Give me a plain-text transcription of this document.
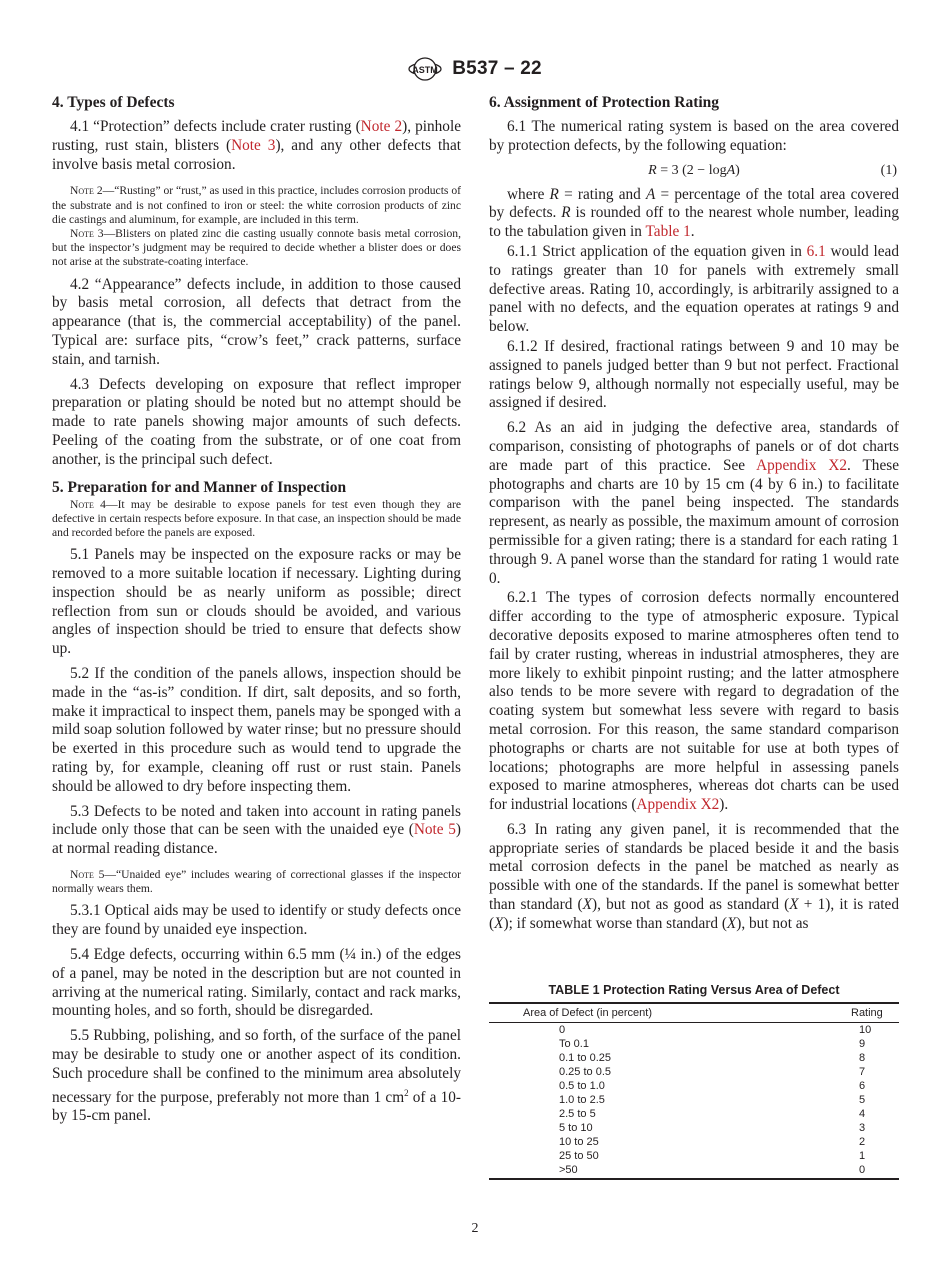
ASTM B537 – 22
4. Types of Defects

4.1 “Protection” defects include crater rusting (Note 2), pinhole rusting, rust stain, blisters (Note 3), and any other defects that involve basis metal corrosion.

Note 2—“Rusting” or “rust,” as used in this practice, includes corrosion products of the substrate and is not confined to iron or steel: the white corrosion products of zinc die castings and aluminum, for example, are included in this term.

Note 3—Blisters on plated zinc die casting usually connote basis metal corrosion, but the inspector’s judgment may be required to decide whether a blister does or does not arise at the substrate-coating interface.

4.2 “Appearance” defects include, in addition to those caused by basis metal corrosion, all defects that detract from the appearance (that is, the commercial acceptability) of the panel. Typical are: surface pits, “crow’s feet,” crack patterns, surface stain, and tarnish.

4.3 Defects developing on exposure that reflect improper preparation or plating should be noted but no attempt should be made to rate panels showing major amounts of such defects. Peeling of the coating from the substrate, or of one coat from another, is the principal such defect.

5. Preparation for and Manner of Inspection

Note 4—It may be desirable to expose panels for test even though they are defective in certain respects before exposure. In that case, an inspection should be made and recorded before the panels are exposed.

5.1 Panels may be inspected on the exposure racks or may be removed to a more suitable location if necessary. Lighting during inspection should be as nearly uniform as possible; direct reflection from sun or clouds should be avoided, and various angles of inspection should be tried to ensure that defects show up.

5.2 If the condition of the panels allows, inspection should be made in the “as-is” condition. If dirt, salt deposits, and so forth, make it impractical to inspect them, panels may be sponged with a mild soap solution followed by water rinse; but no pressure should be exerted in this procedure such as would tend to upgrade the rating by, for example, cleaning off rust or rust stain. Panels should be allowed to dry before inspecting them.

5.3 Defects to be noted and taken into account in rating panels include only those that can be seen with the unaided eye (Note 5) at normal reading distance.

Note 5—“Unaided eye” includes wearing of correctional glasses if the inspector normally wears them.

5.3.1 Optical aids may be used to identify or study defects once they are found by unaided eye inspection.

5.4 Edge defects, occurring within 6.5 mm (¼ in.) of the edges of a panel, may be noted in the description but are not counted in arriving at the numerical rating. Similarly, contact and rack marks, mounting holes, and so forth, should be disregarded.

5.5 Rubbing, polishing, and so forth, of the surface of the panel may be desirable to study one or another aspect of its condition. Such procedure shall be confined to the minimum area absolutely necessary for the purpose, preferably not more than 1 $cm^2$ of a 10- by 15-cm panel.

6. Assignment of Protection Rating

6.1 The numerical rating system is based on the area covered by protection defects, by the following equation:

R = 3 (2 − logA)	(1)

where R = rating and A = percentage of the total area covered by defects. R is rounded off to the nearest whole number, leading to the tabulation given in Table 1.

6.1.1 Strict application of the equation given in 6.1 would lead to ratings greater than 10 for panels with extremely small defective areas. Rating 10, accordingly, is arbitrarily assigned to a panel with no defects, and the equation operates at ratings 9 and below.

6.1.2 If desired, fractional ratings between 9 and 10 may be assigned to panels judged better than 9 but not perfect. Fractional ratings below 9, although normally not especially useful, may be assigned if desired.

6.2 As an aid in judging the defective area, standards of comparison, consisting of photographs of panels or of dot charts are made part of this practice. See Appendix X2. These photographs and charts are 10 by 15 cm (4 by 6 in.) to facilitate comparison with the panel being inspected. The standards represent, as nearly as possible, the maximum amount of corrosion permissible for a given rating; there is a standard for each rating 1 through 9. A panel worse than the standard for rating 1 would rate 0.

6.2.1 The types of corrosion defects normally encountered differ according to the type of atmospheric exposure. Typical decorative deposits exposed to marine atmospheres often tend to fail by crater rusting, whereas in industrial atmospheres, they are more likely to exhibit pinpoint rusting; and the latter atmosphere also tends to be more severe with regard to degradation of the coating system but somewhat less severe with regard to basis metal corrosion. For this reason, the same standard comparison photographs or charts are not suitable for use at both types of locations; photographs are more helpful in assessing panels exposed to marine atmospheres, whereas dot charts can be used for industrial locations (Appendix X2).

6.3 In rating any given panel, it is recommended that the appropriate series of standards be placed beside it and the basis metal corrosion defects in the panel be matched as nearly as possible with one of the standards. If the panel is somewhat better than standard (X), but not as good as standard (X + 1), it is rated (X); if somewhat worse than standard (X), but not as

TABLE 1 Protection Rating Versus Area of Defect
Area of Defect (in percent)	Rating
0	10
To 0.1	9
0.1 to 0.25	8
0.25 to 0.5	7
0.5 to 1.0	6
1.0 to 2.5	5
2.5 to 5	4
5 to 10	3
10 to 25	2
25 to 50	1
>50	0
2
